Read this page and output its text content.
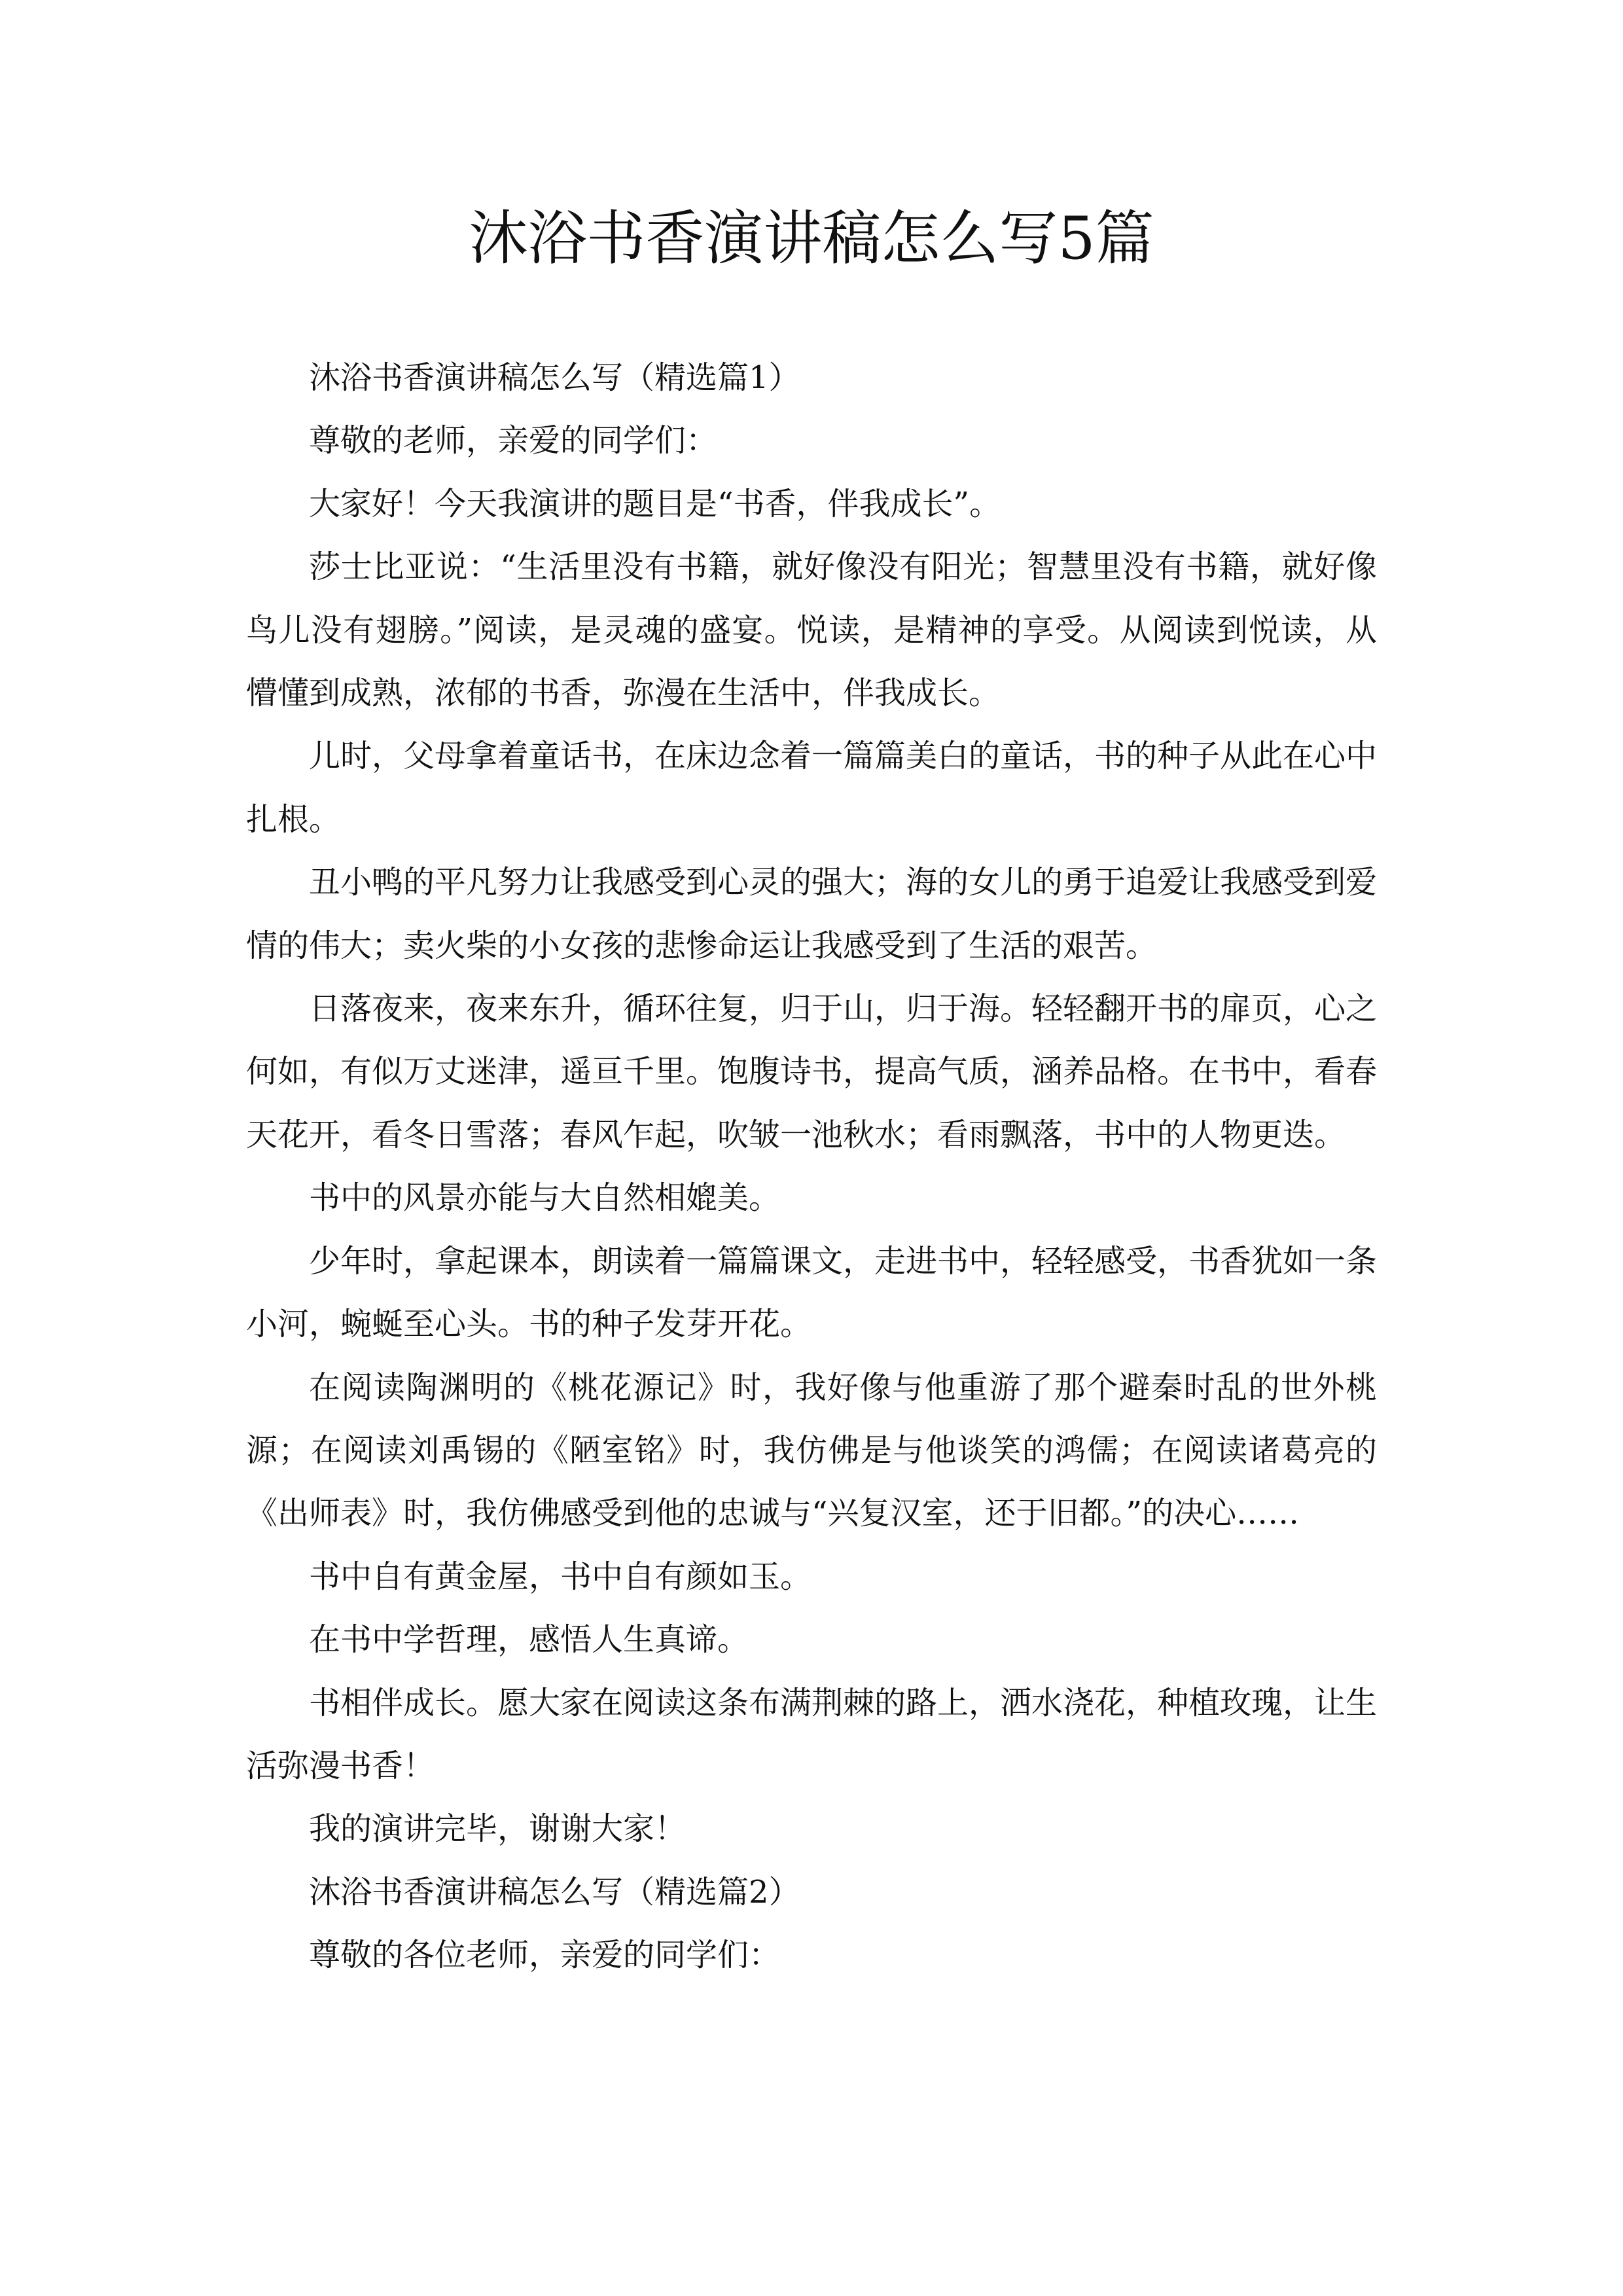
沐浴书香演讲稿怎么写5篇

沐浴书香演讲稿怎么写（精选篇1）

尊敬的老师，亲爱的同学们：

大家好！今天我演讲的题目是“书香，伴我成长”。

莎士比亚说：“生活里没有书籍，就好像没有阳光；智慧里没有书籍，就好像鸟儿没有翅膀。”阅读，是灵魂的盛宴。悦读，是精神的享受。从阅读到悦读，从懵懂到成熟，浓郁的书香，弥漫在生活中，伴我成长。

儿时，父母拿着童话书，在床边念着一篇篇美白的童话，书的种子从此在心中扎根。

丑小鸭的平凡努力让我感受到心灵的强大；海的女儿的勇于追爱让我感受到爱情的伟大；卖火柴的小女孩的悲惨命运让我感受到了生活的艰苦。

日落夜来，夜来东升，循环往复，归于山，归于海。轻轻翻开书的扉页，心之何如，有似万丈迷津，遥亘千里。饱腹诗书，提高气质，涵养品格。在书中，看春天花开，看冬日雪落；春风乍起，吹皱一池秋水；看雨飘落，书中的人物更迭。

书中的风景亦能与大自然相媲美。

少年时，拿起课本，朗读着一篇篇课文，走进书中，轻轻感受，书香犹如一条小河，蜿蜒至心头。书的种子发芽开花。

在阅读陶渊明的《桃花源记》时，我好像与他重游了那个避秦时乱的世外桃源；在阅读刘禹锡的《陋室铭》时，我仿佛是与他谈笑的鸿儒；在阅读诸葛亮的《出师表》时，我仿佛感受到他的忠诚与“兴复汉室，还于旧都。”的决心……

书中自有黄金屋，书中自有颜如玉。

在书中学哲理，感悟人生真谛。

书相伴成长。愿大家在阅读这条布满荆棘的路上，洒水浇花，种植玫瑰，让生活弥漫书香！

我的演讲完毕，谢谢大家！

沐浴书香演讲稿怎么写（精选篇2）

尊敬的各位老师，亲爱的同学们：
